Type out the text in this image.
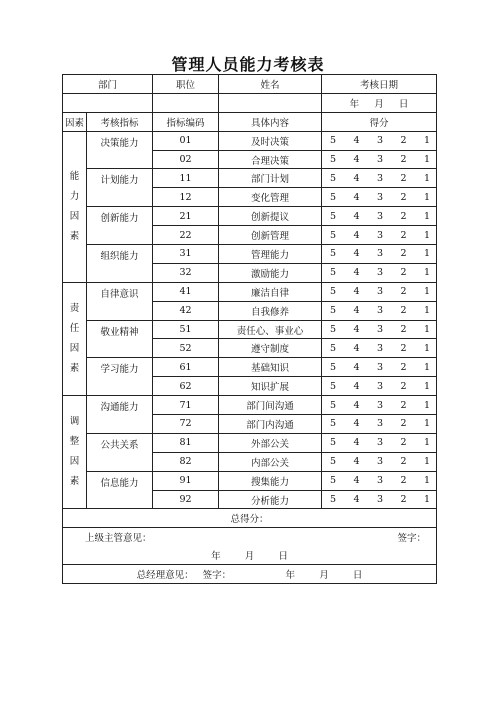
管理人员能力考核表
部门		职位	姓名	考核日期
				年 月 日
因素	考核指标	指标编码	具体内容	得分
能力因素	决策能力	01	及时决策	5 4 3 2 1

		02	合理决策	5 4 3 2 1

	计划能力	11	部门计划	5 4 3 2 1

		12	变化管理	5 4 3 2 1

	创新能力	21	创新提议	5 4 3 2 1

		22	创新管理	5 4 3 2 1

	组织能力	31	管理能力	5 4 3 2 1

		32	激励能力	5 4 3 2 1

责任因素	自律意识	41	廉洁自律	5 4 3 2 1

		42	自我修养	5 4 3 2 1

	敬业精神	51	责任心、事业心	5 4 3 2 1

		52	遵守制度	5 4 3 2 1

	学习能力	61	基础知识	5 4 3 2 1

		62	知识扩展	5 4 3 2 1

调整因素	沟通能力	71	部门间沟通	5 4 3 2 1

		72	部门内沟通	5 4 3 2 1

	公共关系	81	外部公关	5 4 3 2 1

		82	内部公关	5 4 3 2 1

	信息能力	91	搜集能力	5 4 3 2 1

		92	分析能力	5 4 3 2 1

总得分：				
上级主管意见：				签字：
年 月 日				
总经理意见： 签字： 年 月 日				
